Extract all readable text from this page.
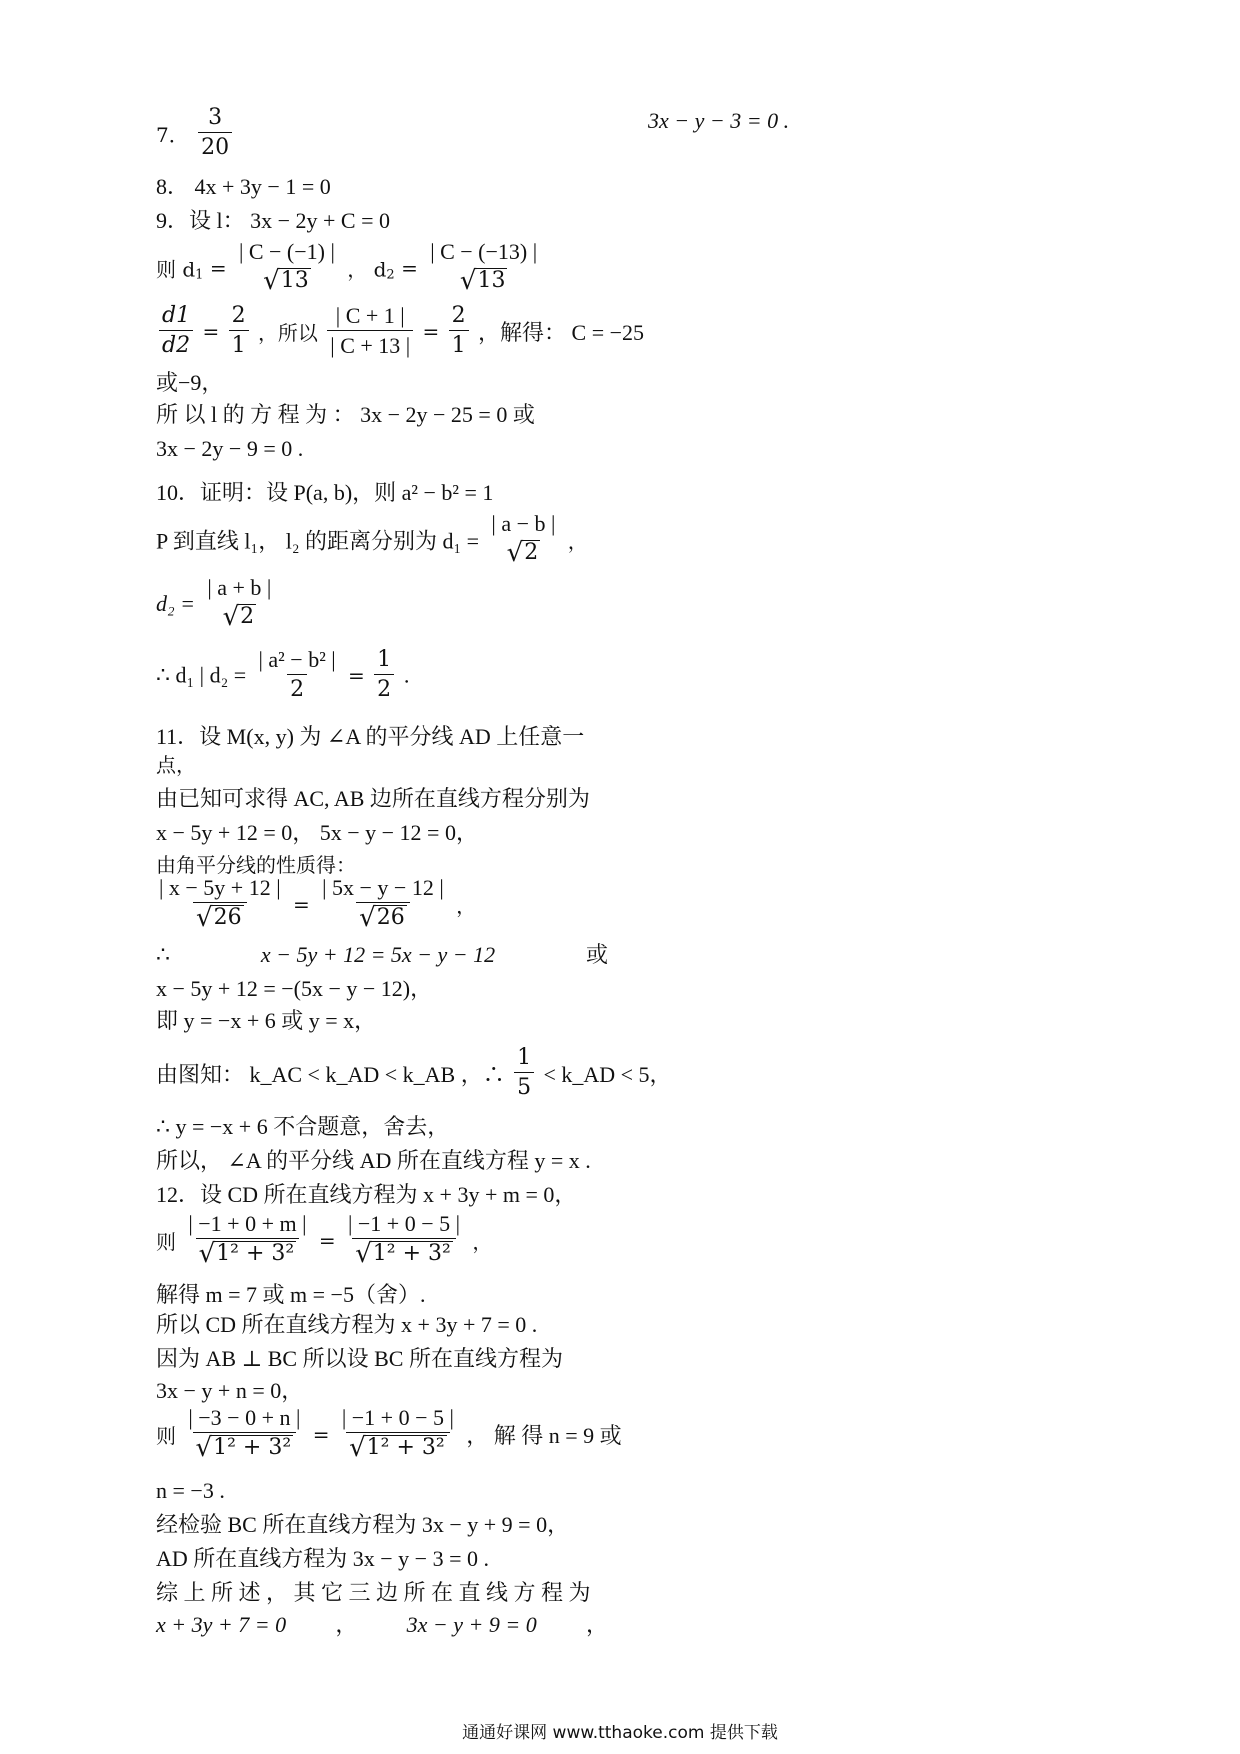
3x − y − 3 = 0 .
7． $\frac{3}{20}$
8． 4x + 3y − 1 = 0
9．设 l： 3x − 2y + C = 0
则 $d_1$ =
| C − (−1) |
√ 13 ， $d_2$ =
| C − (−13) |
√ 13
$\frac{d1}{d2} = \frac{2}{1}$ ，所以 $\frac{| C + 1 |}{| C + 13 |} = \frac{2}{1}$ ，解得： C = −25
或−9，
所 以 l 的 方 程 为 ： 3x − 2y − 25 = 0 或
3x − 2y − 9 = 0 .
10．证明：设 P(a, b)，则 a² − b² = 1
P 到直线 l₁， l₂ 的距离分别为 d₁ =
| a − b |
√ 2 ，
d₂ =
| a + b |
√ 2
∴ d₁ | $d_2 = \frac{\text{| a² − b² |}}{2} = \frac{1}{2}$ .
11．设 M(x, y) 为 ∠A 的平分线 AD 上任意一
点，
由已知可求得 AC, AB 边所在直线方程分别为
x − 5y + 12 = 0， 5x − y − 12 = 0，
由角平分线的性质得：
$\frac{| x - 5y + 12 |}{√ 26} = \frac{| 5x - y - 12 |}{√ 26}$ ，
∴	x − 5y + 12 = 5x − y − 12	或
x − 5y + 12 = −(5x − y − 12)，
即 y = −x + 6 或 y = x，
由图知： k_AC < k_AD < k_AB ，∴ $\frac{1}{5}$ < k_AD < 5，
∴ y = −x + 6 不合题意，舍去，
所以， ∠A 的平分线 AD 所在直线方程 y = x .
12．设 CD 所在直线方程为 x + 3y + m = 0，
则 $\frac{| -1 + 0 + m |}{\text{√ 1² + 3²}} = \frac{| -1 + 0 - 5 |}{\text{√ 1² + 3²}}$ ，
解得 m = 7 或 m = −5（舍）.
所以 CD 所在直线方程为 x + 3y + 7 = 0 .
因为 AB ⊥ BC 所以设 BC 所在直线方程为
3x − y + n = 0，
则 $\frac{| -3 - 0 + n |}{\text{√ 1² + 3²}} = \frac{| -1 + 0 - 5 |}{\text{√ 1² + 3²}}$ ， 解 得 n = 9 或
n = −3 .
经检验 BC 所在直线方程为 3x − y + 9 = 0，
AD 所在直线方程为 3x − y − 3 = 0 .
综 上 所 述 ， 其 它 三 边 所 在 直 线 方 程 为
x + 3y + 7 = 0 ， 3x − y + 9 = 0 ，
通通好课网 www.tthaoke.com 提供下载
